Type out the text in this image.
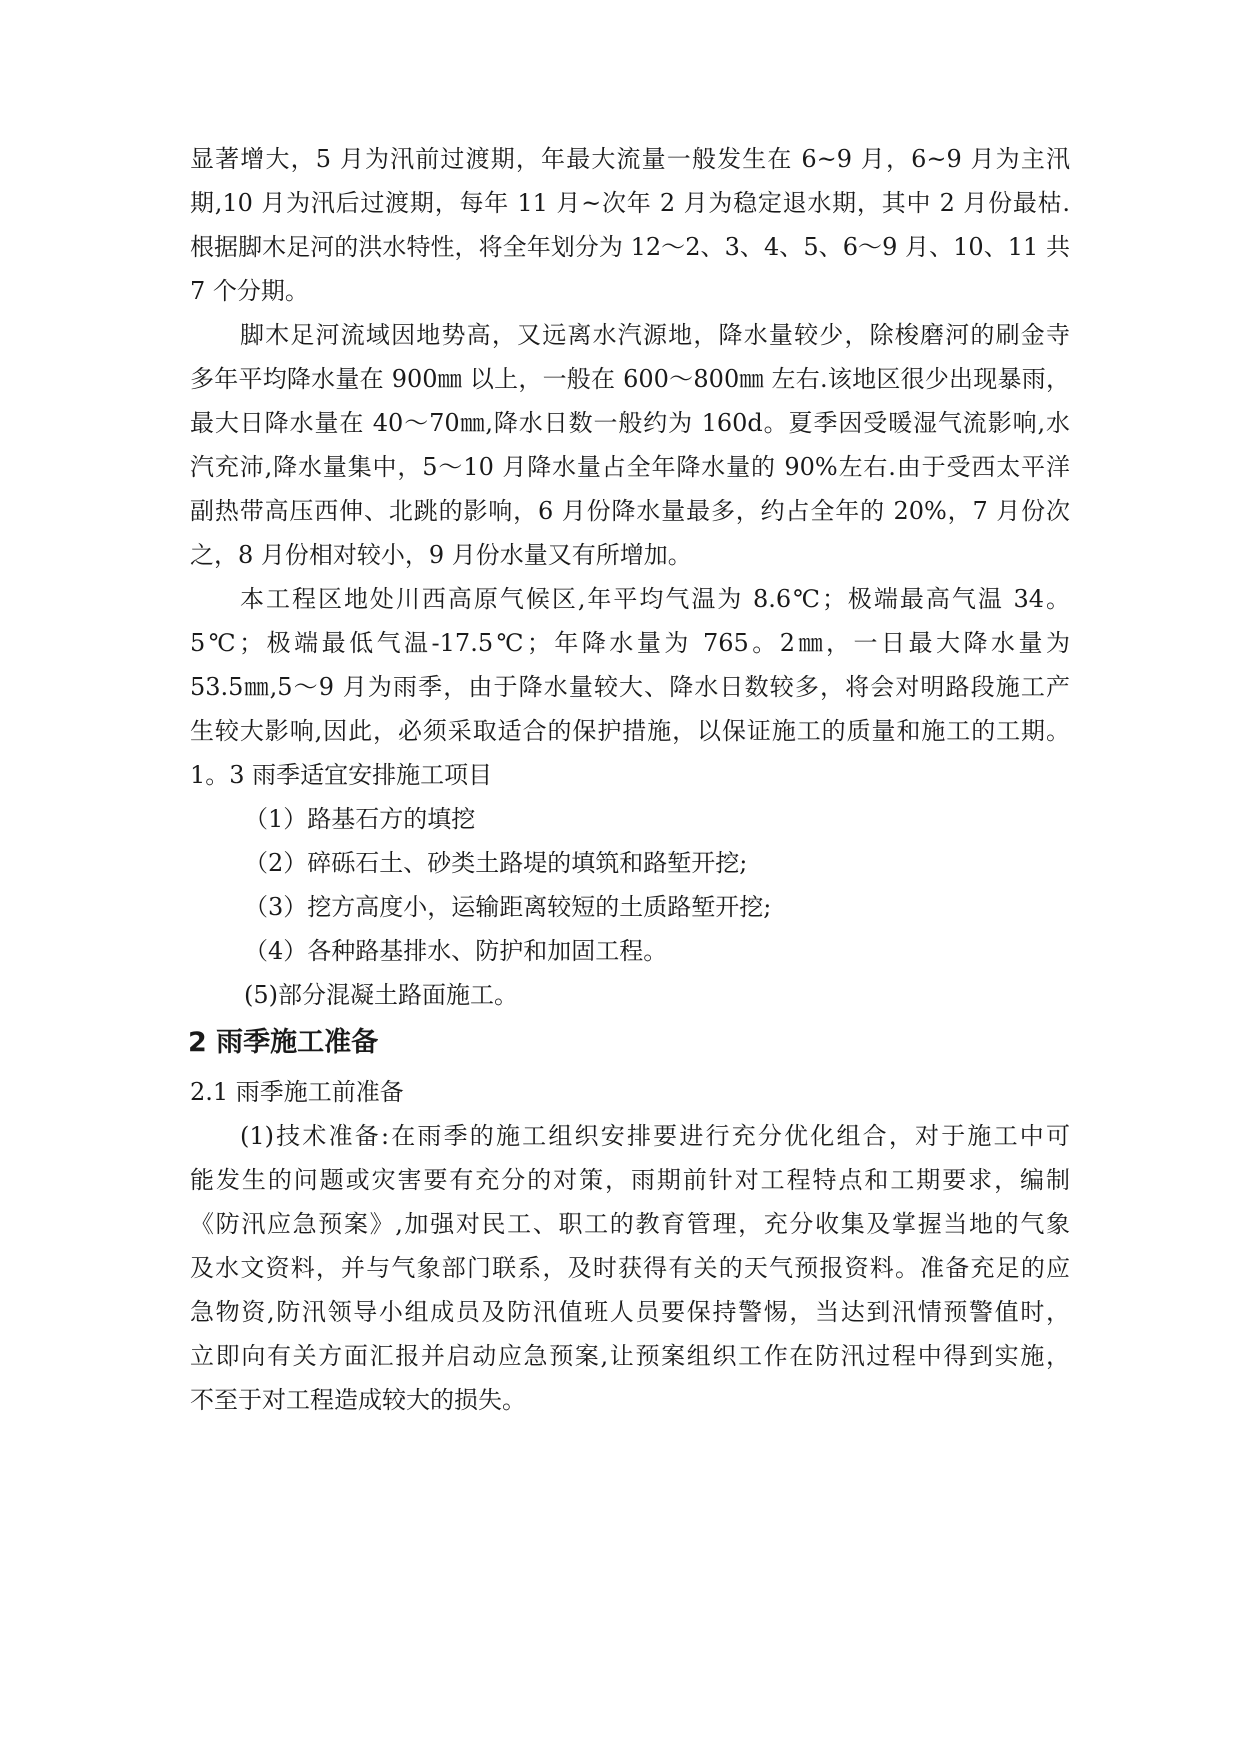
显著增大，5 月为汛前过渡期，年最大流量一般发生在 6~9 月，6~9 月为主汛
期,10 月为汛后过渡期，每年 11 月~次年 2 月为稳定退水期，其中 2 月份最枯.
根据脚木足河的洪水特性，将全年划分为 12～2、3、4、5、6～9 月、10、11 共
7 个分期。
脚木足河流域因地势高，又远离水汽源地，降水量较少，除梭磨河的刷金寺
多年平均降水量在 900㎜ 以上，一般在 600～800㎜ 左右.该地区很少出现暴雨，
最大日降水量在 40～70㎜,降水日数一般约为 160d。夏季因受暖湿气流影响,水
汽充沛,降水量集中，5～10 月降水量占全年降水量的 90%左右.由于受西太平洋
副热带高压西伸、北跳的影响，6 月份降水量最多，约占全年的 20%，7 月份次
之，8 月份相对较小，9 月份水量又有所增加。
本工程区地处川西高原气候区,年平均气温为 8.6℃；极端最高气温 34。
5℃；极端最低气温-17.5℃；年降水量为 765。2㎜，一日最大降水量为
53.5㎜,5～9 月为雨季，由于降水量较大、降水日数较多，将会对明路段施工产
生较大影响,因此，必须采取适合的保护措施，以保证施工的质量和施工的工期。
1。3 雨季适宜安排施工项目
（1）路基石方的填挖
（2）碎砾石土、砂类土路堤的填筑和路堑开挖;
（3）挖方高度小，运输距离较短的土质路堑开挖;
（4）各种路基排水、防护和加固工程。
(5)部分混凝土路面施工。
2 雨季施工准备
2.1 雨季施工前准备
(1)技术准备:在雨季的施工组织安排要进行充分优化组合，对于施工中可
能发生的问题或灾害要有充分的对策，雨期前针对工程特点和工期要求，编制
《防汛应急预案》,加强对民工、职工的教育管理，充分收集及掌握当地的气象
及水文资料，并与气象部门联系，及时获得有关的天气预报资料。准备充足的应
急物资,防汛领导小组成员及防汛值班人员要保持警惕，当达到汛情预警值时，
立即向有关方面汇报并启动应急预案,让预案组织工作在防汛过程中得到实施，
不至于对工程造成较大的损失。
